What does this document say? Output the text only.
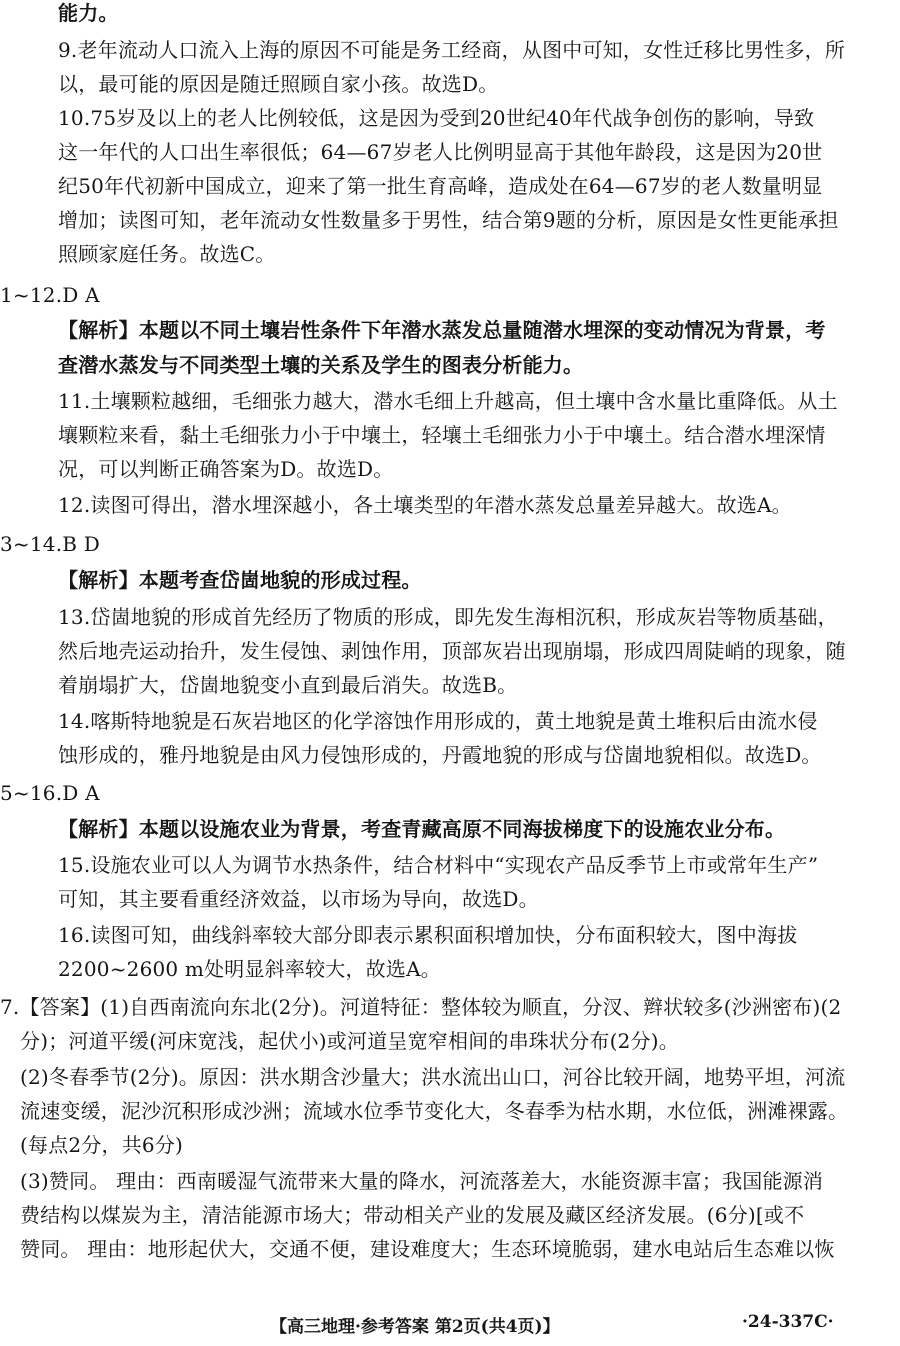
能力。
9.老年流动人口流入上海的原因不可能是务工经商，从图中可知，女性迁移比男性多，所
以，最可能的原因是随迁照顾自家小孩。故选D。
10.75岁及以上的老人比例较低，这是因为受到20世纪40年代战争创伤的影响，导致
这一年代的人口出生率很低；64—67岁老人比例明显高于其他年龄段，这是因为20世
纪50年代初新中国成立，迎来了第一批生育高峰，造成处在64—67岁的老人数量明显
增加；读图可知，老年流动女性数量多于男性，结合第9题的分析，原因是女性更能承担
照顾家庭任务。故选C。
1~12.D A
【解析】本题以不同土壤岩性条件下年潜水蒸发总量随潜水埋深的变动情况为背景，考
查潜水蒸发与不同类型土壤的关系及学生的图表分析能力。
11.土壤颗粒越细，毛细张力越大，潜水毛细上升越高，但土壤中含水量比重降低。从土
壤颗粒来看，黏土毛细张力小于中壤土，轻壤土毛细张力小于中壤土。结合潜水埋深情
况，可以判断正确答案为D。故选D。
12.读图可得出，潜水埋深越小，各土壤类型的年潜水蒸发总量差异越大。故选A。
3~14.B D
【解析】本题考查岱崮地貌的形成过程。
13.岱崮地貌的形成首先经历了物质的形成，即先发生海相沉积，形成灰岩等物质基础，
然后地壳运动抬升，发生侵蚀、剥蚀作用，顶部灰岩出现崩塌，形成四周陡峭的现象，随
着崩塌扩大，岱崮地貌变小直到最后消失。故选B。
14.喀斯特地貌是石灰岩地区的化学溶蚀作用形成的，黄土地貌是黄土堆积后由流水侵
蚀形成的，雅丹地貌是由风力侵蚀形成的，丹霞地貌的形成与岱崮地貌相似。故选D。
5~16.D A
【解析】本题以设施农业为背景，考查青藏高原不同海拔梯度下的设施农业分布。
15.设施农业可以人为调节水热条件，结合材料中“实现农产品反季节上市或常年生产”
可知，其主要看重经济效益，以市场为导向，故选D。
16.读图可知，曲线斜率较大部分即表示累积面积增加快，分布面积较大，图中海拔
2200~2600 m处明显斜率较大，故选A。
7.【答案】(1)自西南流向东北(2分)。河道特征：整体较为顺直，分汊、辫状较多(沙洲密布)(2
分)；河道平缓(河床宽浅，起伏小)或河道呈宽窄相间的串珠状分布(2分)。
(2)冬春季节(2分)。原因：洪水期含沙量大；洪水流出山口，河谷比较开阔，地势平坦，河流
流速变缓，泥沙沉积形成沙洲；流域水位季节变化大，冬春季为枯水期，水位低，洲滩裸露。
(每点2分，共6分)
(3)赞同。 理由：西南暖湿气流带来大量的降水，河流落差大，水能资源丰富；我国能源消
费结构以煤炭为主，清洁能源市场大；带动相关产业的发展及藏区经济发展。(6分)[或不
赞同。 理由：地形起伏大，交通不便，建设难度大；生态环境脆弱，建水电站后生态难以恢
【高三地理·参考答案 第2页(共4页)】	·24-337C·
